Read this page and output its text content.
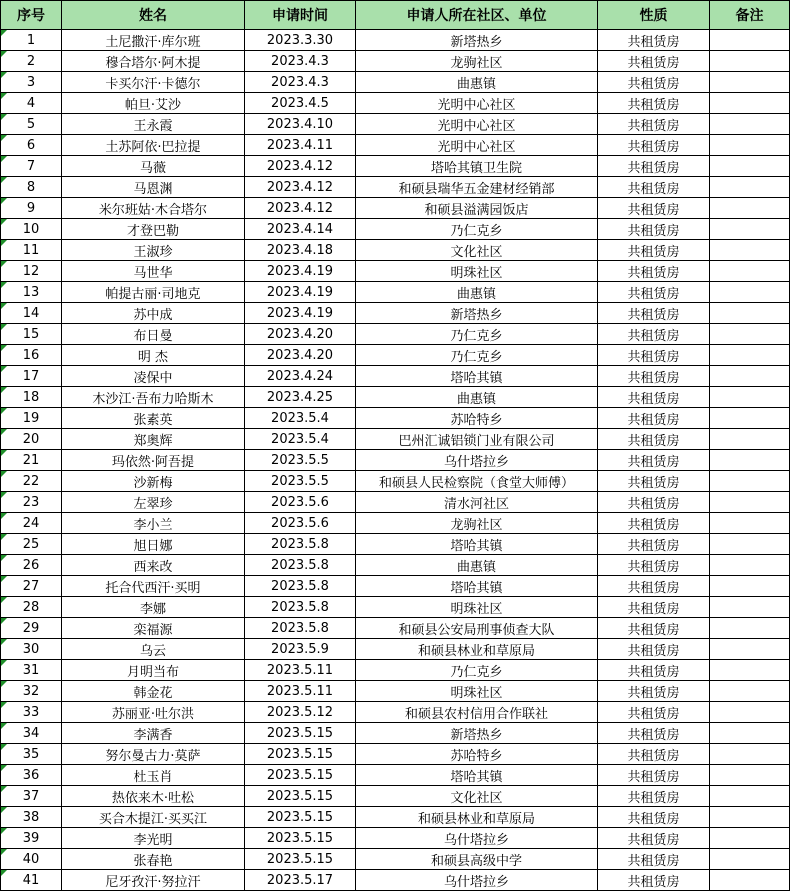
序号	姓名	申请时间	申请人所在社区、单位	性质	备注
1	土尼撒汗·库尔班	2023.3.30	新塔热乡	共租赁房	
2	穆合塔尔·阿木提	2023.4.3	龙驹社区	共租赁房	
3	卡买尔汗·卡德尔	2023.4.3	曲惠镇	共租赁房	
4	帕旦·艾沙	2023.4.5	光明中心社区	共租赁房	
5	王永霞	2023.4.10	光明中心社区	共租赁房	
6	土苏阿依·巴拉提	2023.4.11	光明中心社区	共租赁房	
7	马薇	2023.4.12	塔哈其镇卫生院	共租赁房	
8	马恩渊	2023.4.12	和硕县瑞华五金建材经销部	共租赁房	
9	米尔班姑·木合塔尔	2023.4.12	和硕县溢满园饭店	共租赁房	
10	才登巴勒	2023.4.14	乃仁克乡	共租赁房	
11	王淑珍	2023.4.18	文化社区	共租赁房	
12	马世华	2023.4.19	明珠社区	共租赁房	
13	帕提古丽·司地克	2023.4.19	曲惠镇	共租赁房	
14	苏中成	2023.4.19	新塔热乡	共租赁房	
15	布日曼	2023.4.20	乃仁克乡	共租赁房	
16	明 杰	2023.4.20	乃仁克乡	共租赁房	
17	凌保中	2023.4.24	塔哈其镇	共租赁房	
18	木沙江·吾布力哈斯木	2023.4.25	曲惠镇	共租赁房	
19	张素英	2023.5.4	苏哈特乡	共租赁房	
20	郑奥辉	2023.5.4	巴州汇诚铝锁门业有限公司	共租赁房	
21	玛依然·阿吾提	2023.5.5	乌什塔拉乡	共租赁房	
22	沙新梅	2023.5.5	和硕县人民检察院（食堂大师傅）	共租赁房	
23	左翠珍	2023.5.6	清水河社区	共租赁房	
24	李小兰	2023.5.6	龙驹社区	共租赁房	
25	旭日娜	2023.5.8	塔哈其镇	共租赁房	
26	西来改	2023.5.8	曲惠镇	共租赁房	
27	托合代西汗·买明	2023.5.8	塔哈其镇	共租赁房	
28	李娜	2023.5.8	明珠社区	共租赁房	
29	栾福源	2023.5.8	和硕县公安局刑事侦查大队	共租赁房	
30	乌云	2023.5.9	和硕县林业和草原局	共租赁房	
31	月明当布	2023.5.11	乃仁克乡	共租赁房	
32	韩金花	2023.5.11	明珠社区	共租赁房	
33	苏丽亚·吐尔洪	2023.5.12	和硕县农村信用合作联社	共租赁房	
34	李满香	2023.5.15	新塔热乡	共租赁房	
35	努尔曼古力·莫萨	2023.5.15	苏哈特乡	共租赁房	
36	杜玉肖	2023.5.15	塔哈其镇	共租赁房	
37	热依来木·吐松	2023.5.15	文化社区	共租赁房	
38	买合木提江·买买江	2023.5.15	和硕县林业和草原局	共租赁房	
39	李光明	2023.5.15	乌什塔拉乡	共租赁房	
40	张春艳	2023.5.15	和硕县高级中学	共租赁房	
41	尼牙孜汗·努拉汗	2023.5.17	乌什塔拉乡	共租赁房	
